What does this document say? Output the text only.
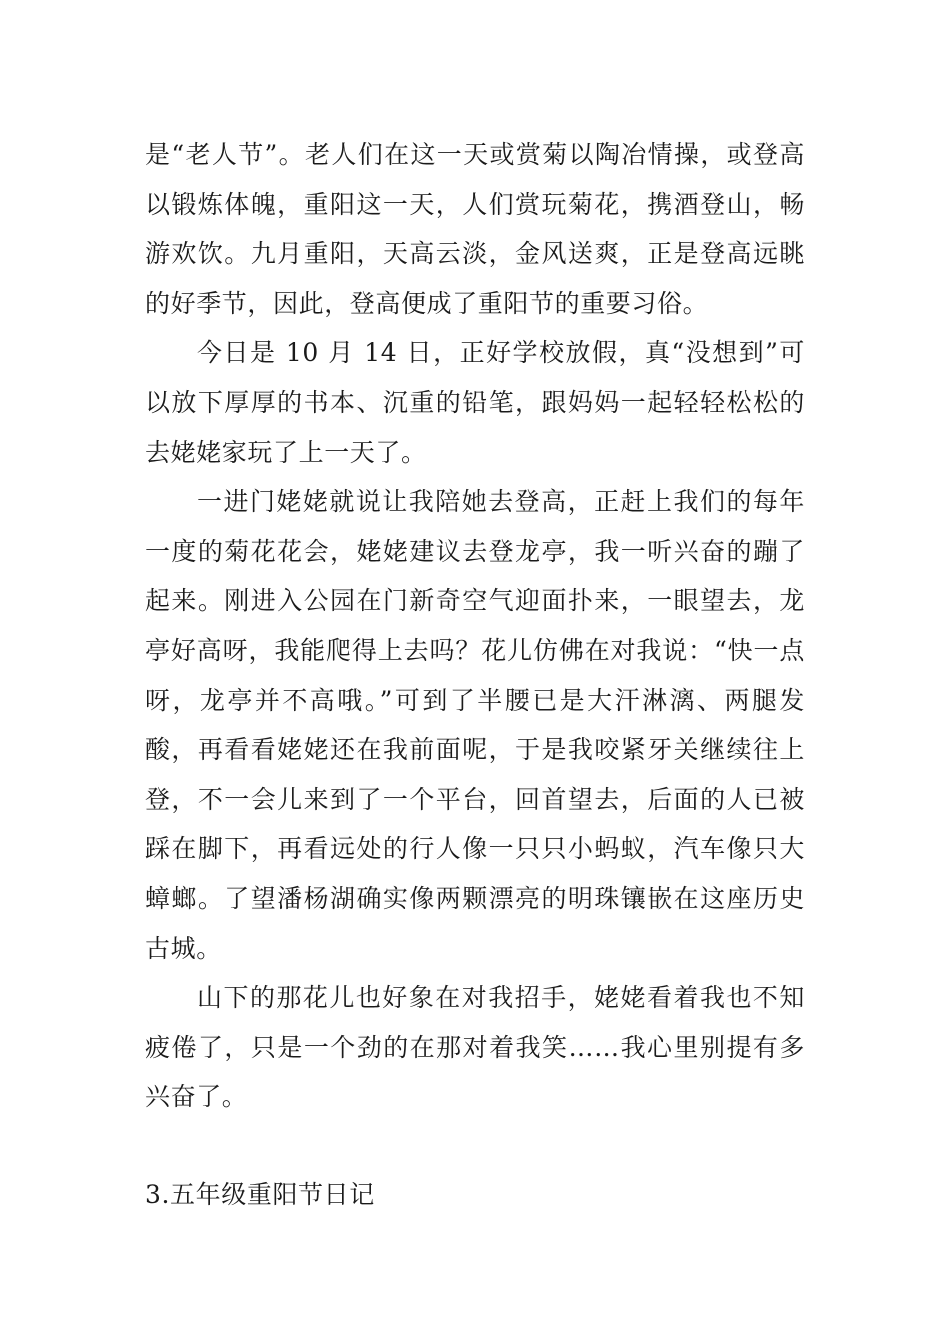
是“老人节”。老人们在这一天或赏菊以陶冶情操，或登高以锻炼体魄，重阳这一天，人们赏玩菊花，携酒登山，畅游欢饮。九月重阳，天高云淡，金风送爽，正是登高远眺的好季节，因此，登高便成了重阳节的重要习俗。

今日是 10 月 14 日，正好学校放假，真“没想到”可以放下厚厚的书本、沉重的铅笔，跟妈妈一起轻轻松松的去姥姥家玩了上一天了。

一进门姥姥就说让我陪她去登高，正赶上我们的每年一度的菊花花会，姥姥建议去登龙亭，我一听兴奋的蹦了起来。刚进入公园在门新奇空气迎面扑来，一眼望去，龙亭好高呀，我能爬得上去吗？花儿仿佛在对我说：“快一点呀，龙亭并不高哦。”可到了半腰已是大汗淋漓、两腿发酸，再看看姥姥还在我前面呢，于是我咬紧牙关继续往上登，不一会儿来到了一个平台，回首望去，后面的人已被踩在脚下，再看远处的行人像一只只小蚂蚁，汽车像只大蟑螂。了望潘杨湖确实像两颗漂亮的明珠镶嵌在这座历史古城。

山下的那花儿也好象在对我招手，姥姥看着我也不知疲倦了，只是一个劲的在那对着我笑……我心里别提有多兴奋了。

3.五年级重阳节日记
